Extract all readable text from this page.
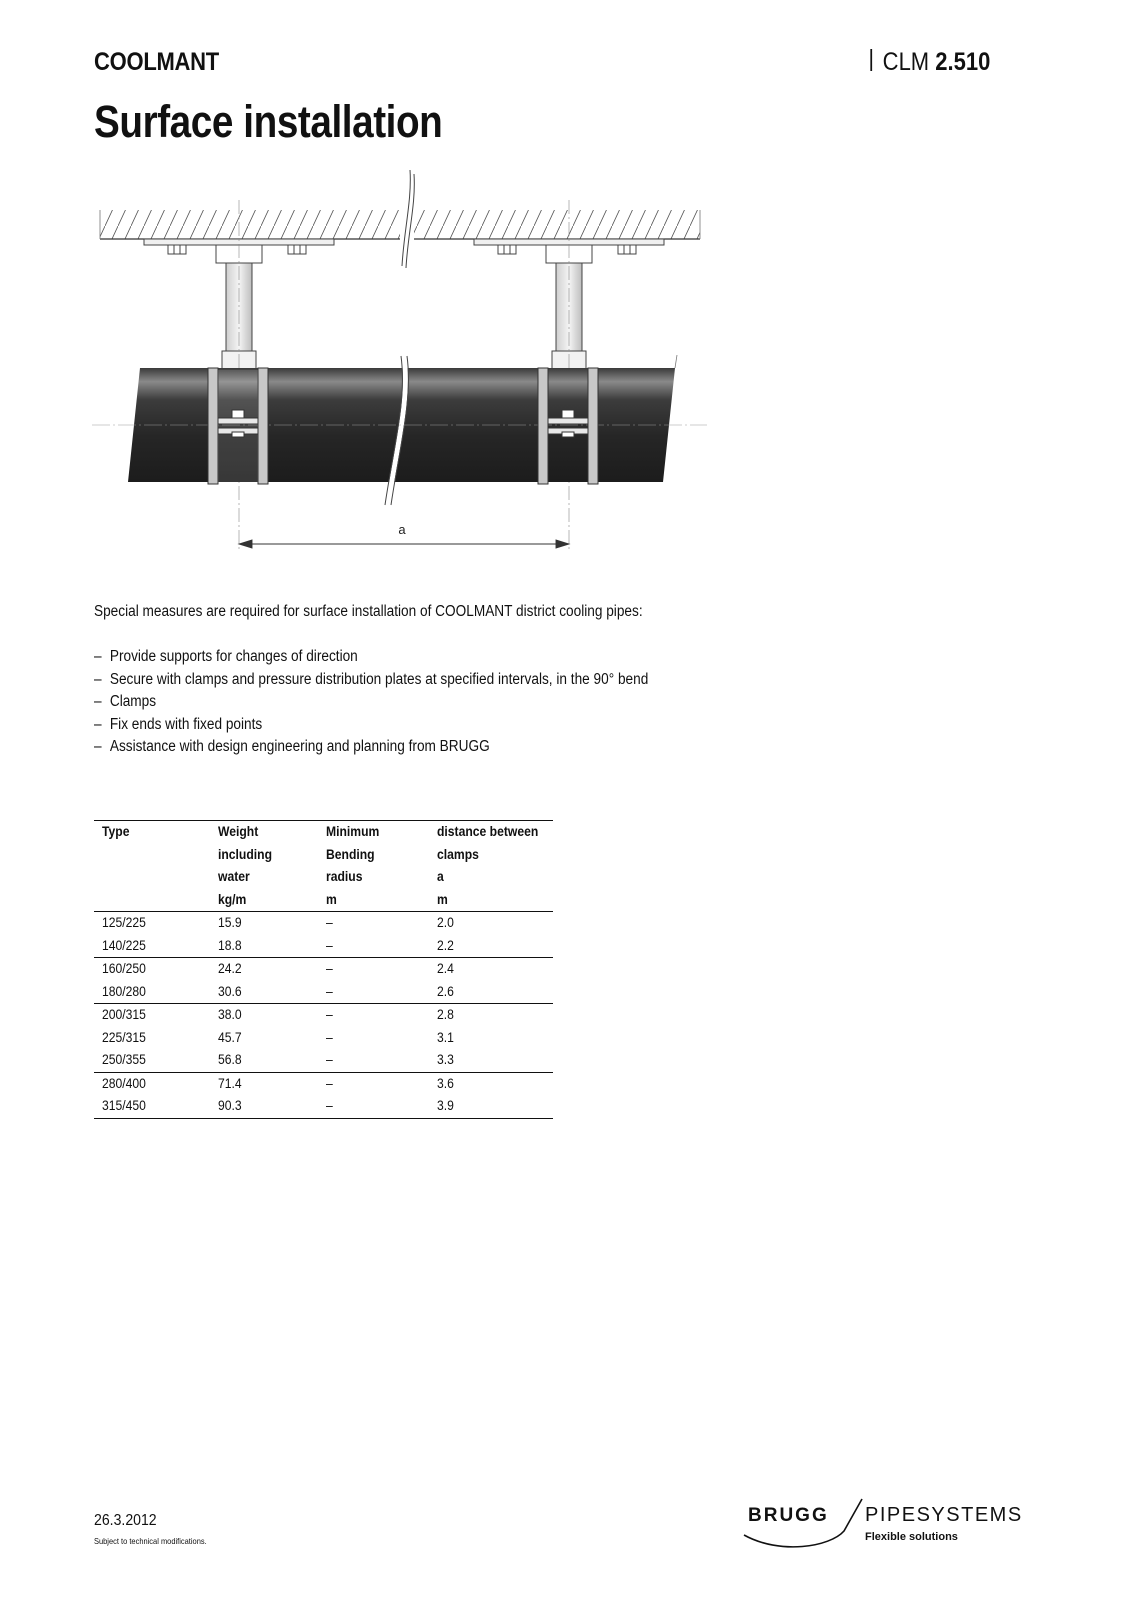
COOLMANT	CLM 2.510
Surface installation
a
Special measures are required for surface installation of COOLMANT district cooling pipes:
– Provide supports for changes of direction
– Secure with clamps and pressure distribution plates at specified intervals, in the 90° bend
– Clamps
– Fix ends with fixed points
– Assistance with design engineering and planning from BRUGG
Type	Weight	Minimum	distance between
	including	Bending	clamps
	water	radius	a
	kg/m	m	m
125/225	15.9	–	2.0
140/225	18.8	–	2.2
160/250	24.2	–	2.4
180/280	30.6	–	2.6
200/315	38.0	–	2.8
225/315	45.7	–	3.1
250/355	56.8	–	3.3
280/400	71.4	–	3.6
315/450	90.3	–	3.9
26.3.2012
Subject to technical modifications.
BRUGG PIPESYSTEMS
Flexible solutions
